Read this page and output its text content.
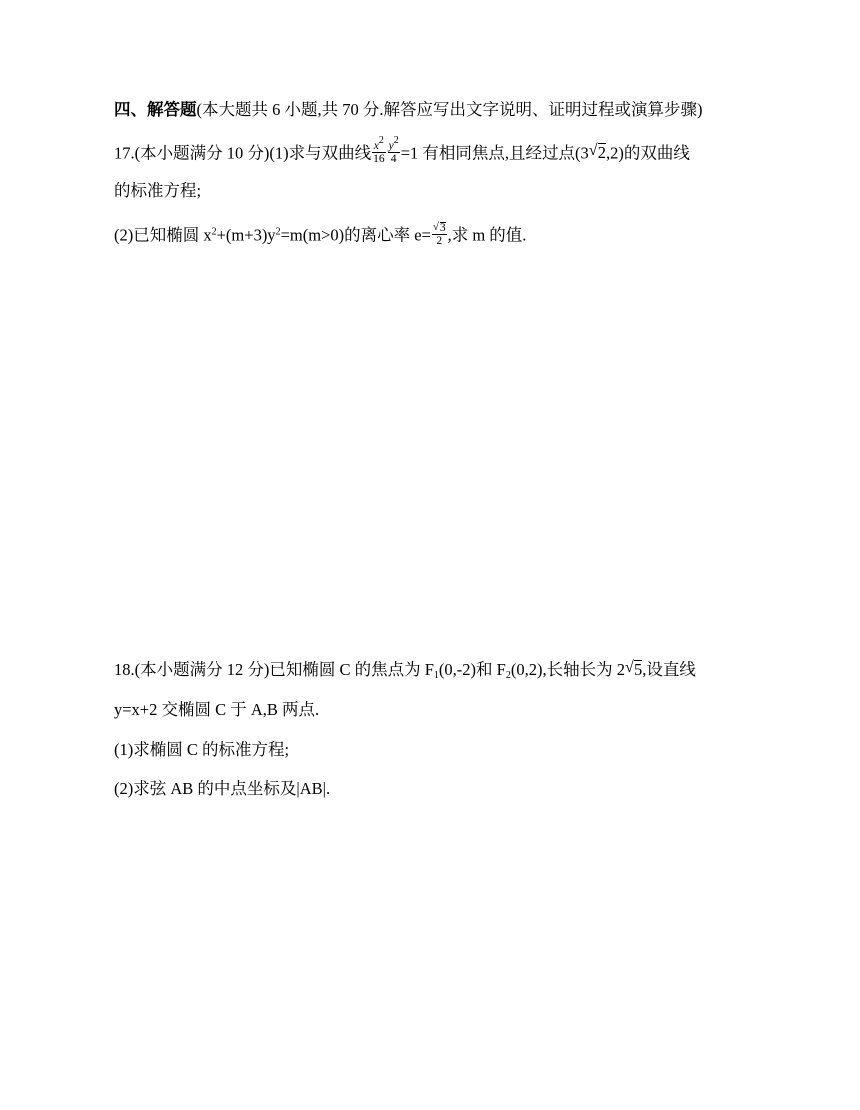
四、解答题(本大题共 6 小题,共 70 分.解答应写出文字说明、证明过程或演算步骤)
17.(本小题满分 10 分)(1)求与双曲线 $\frac{x2}{16} \frac{y2}{4} =1$ 有相同焦点,且经过点(3 √ 2,2)的双曲线
的标准方程;
(2)已知椭圆 $x^2+(m+3)y^2=m(m>0)$的离心率 $e= \frac{√ 3}{2}$ ,求 m 的值.
18.(本小题满分 12 分)已知椭圆 C 的焦点为 $F_1(0,-2)$和 $F_2(0,2)$,长轴长为 2 √ 5,设直线
y=x+2 交椭圆 C 于 A,B 两点.
(1)求椭圆 C 的标准方程;
(2)求弦 AB 的中点坐标及|AB|.
